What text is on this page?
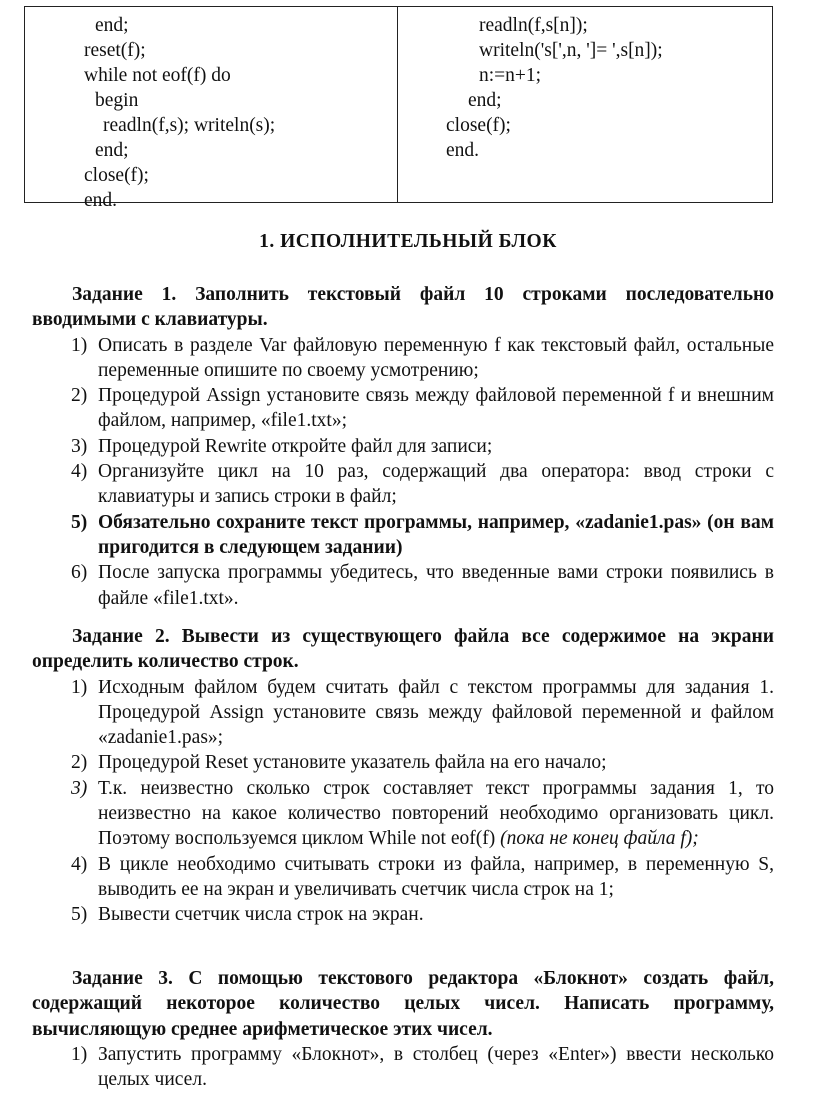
end;
reset(f);
while not eof(f) do
begin
readln(f,s); writeln(s);
end;
close(f);
end.
readln(f,s[n]);
writeln('s[',n, ']= ',s[n]);
n:=n+1;
end;
close(f);
end.
1. ИСПОЛНИТЕЛЬНЫЙ БЛОК
Задание 1. Заполнить текстовый файл 10 строками последовательно вводимыми с клавиатуры.
1) Описать в разделе Var файловую переменную f как текстовый файл, остальные переменные опишите по своему усмотрению;
2) Процедурой Assign установите связь между файловой переменной f и внешним файлом, например, «file1.txt»;
3) Процедурой Rewrite откройте файл для записи;
4) Организуйте цикл на 10 раз, содержащий два оператора: ввод строки с клавиатуры и запись строки в файл;
5) Обязательно сохраните текст программы, например, «zadanie1.pas» (он вам пригодится в следующем задании)
6) После запуска программы убедитесь, что введенные вами строки появились в файле «file1.txt».
Задание 2. Вывести из существующего файла все содержимое на экрани определить количество строк.
1) Исходным файлом будем считать файл с текстом программы для задания 1. Процедурой Assign установите связь между файловой переменной и файлом «zadanie1.pas»;
2) Процедурой Reset установите указатель файла на его начало;
3) Т.к. неизвестно сколько строк составляет текст программы задания 1, то неизвестно на какое количество повторений необходимо организовать цикл. Поэтому воспользуемся циклом While not eof(f) (пока не конец файла f);
4) В цикле необходимо считывать строки из файла, например, в переменную S, выводить ее на экран и увеличивать счетчик числа строк на 1;
5) Вывести счетчик числа строк на экран.
Задание 3. С помощью текстового редактора «Блокнот» создать файл, содержащий некоторое количество целых чисел. Написать программу, вычисляющую среднее арифметическое этих чисел.
1) Запустить программу «Блокнот», в столбец (через «Enter») ввести несколько целых чисел.
